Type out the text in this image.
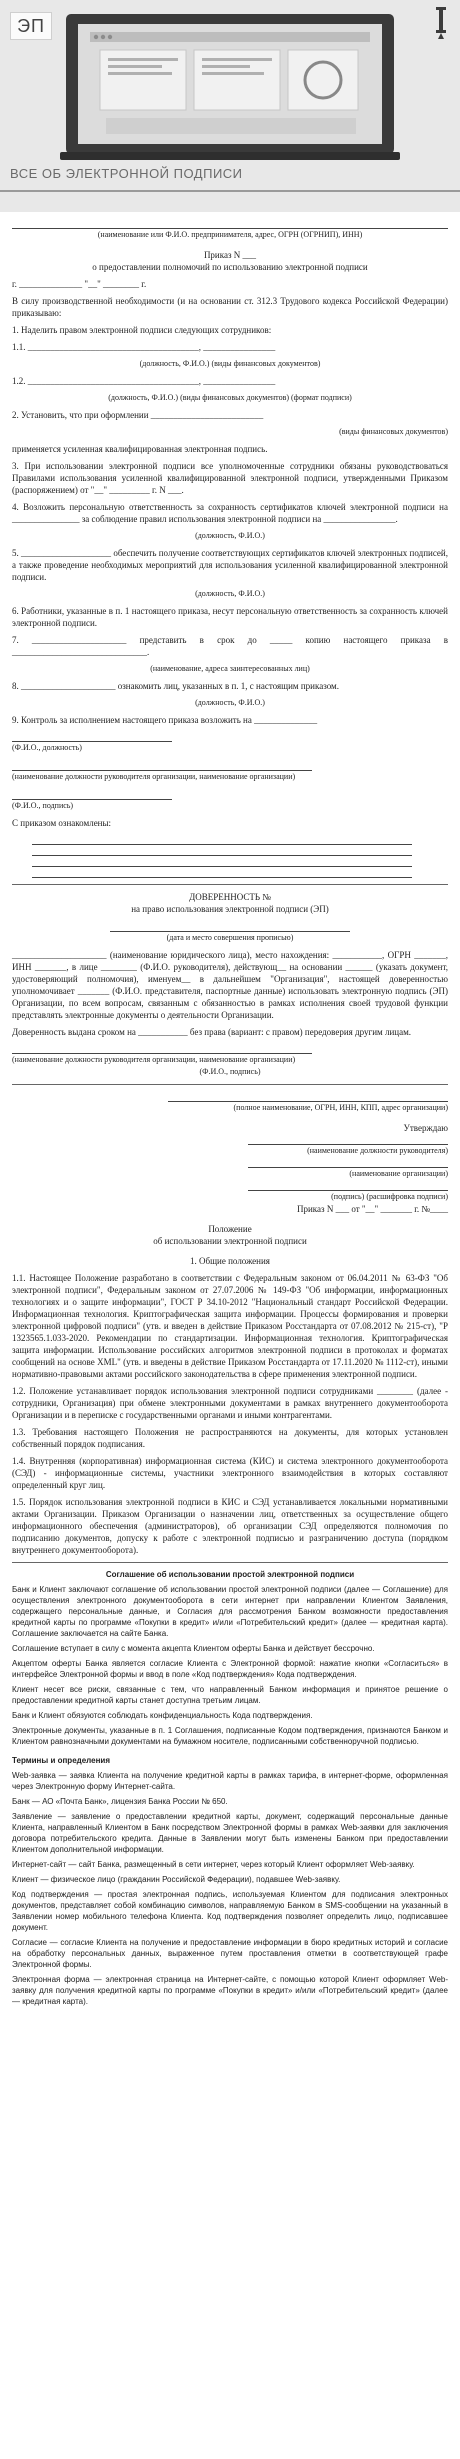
ЭП
ВСЕ ОБ ЭЛЕКТРОННОЙ ПОДПИСИ
(наименование или Ф.И.О. предпринимателя, адрес, ОГРН (ОГРНИП), ИНН)
Приказ N ___
о предоставлении полномочий по использованию электронной подписи
г. ______________ "__" ________ г.
В силу производственной необходимости (и на основании ст. 312.3 Трудового кодекса Российской Федерации) приказываю:
1. Наделить правом электронной подписи следующих сотрудников:
1.1. ______________________________________, ________________
(должность, Ф.И.О.) (виды финансовых документов)
1.2. ______________________________________, ________________
(должность, Ф.И.О.) (виды финансовых документов) (формат подписи)
2. Установить, что при оформлении _________________________
(виды финансовых документов)
применяется усиленная квалифицированная электронная подпись.
3. При использовании электронной подписи все уполномоченные сотрудники обязаны руководствоваться Правилами использования усиленной квалифицированной электронной подписи, утвержденными Приказом (распоряжением) от "__" _________ г. N ___.
4. Возложить персональную ответственность за сохранность сертификатов ключей электронной подписи на _______________ за соблюдение правил использования электронной подписи на ________________.
(должность, Ф.И.О.)
5. ____________________ обеспечить получение соответствующих сертификатов ключей электронных подписей, а также проведение необходимых мероприятий для использования усиленной квалифицированной электронной подписи.
(должность, Ф.И.О.)
6. Работники, указанные в п. 1 настоящего приказа, несут персональную ответственность за сохранность ключей электронной подписи.
7. _____________________ представить в срок до _____ копию настоящего приказа в ______________________________.
(наименование, адреса заинтересованных лиц)
8. _____________________ ознакомить лиц, указанных в п. 1, с настоящим приказом.
(должность, Ф.И.О.)
9. Контроль за исполнением настоящего приказа возложить на ______________
(Ф.И.О., должность)
(наименование должности руководителя организации, наименование организации)
(Ф.И.О., подпись)
С приказом ознакомлены:
ДОВЕРЕННОСТЬ №
на право использования электронной подписи (ЭП)
(дата и место совершения прописью)
_____________________ (наименование юридического лица), место нахождения: ___________, ОГРН _______, ИНН _______, в лице ________ (Ф.И.О. руководителя), действующ__ на основании ______ (указать документ, удостоверяющий полномочия), именуем__ в дальнейшем "Организация", настоящей доверенностью уполномочивает _______ (Ф.И.О. представителя, паспортные данные) использовать электронную подпись (ЭП) Организации, по всем вопросам, связанным с обязанностью в рамках исполнения своей трудовой функции представлять электронные документы о деятельности Организации.
Доверенность выдана сроком на ___________ без права (вариант: с правом) передоверия другим лицам.
(наименование должности руководителя организации, наименование организации)
(Ф.И.О., подпись)
(полное наименование, ОГРН, ИНН, КПП, адрес организации)
Утверждаю
(наименование должности руководителя)
(наименование организации)
(подпись) (расшифровка подписи)
Приказ N ___ от "__" _______ г. №____
Положение
об использовании электронной подписи
1. Общие положения
1.1. Настоящее Положение разработано в соответствии с Федеральным законом от 06.04.2011 № 63-ФЗ "Об электронной подписи", Федеральным законом от 27.07.2006 № 149-ФЗ "Об информации, информационных технологиях и о защите информации", ГОСТ Р 34.10-2012 "Национальный стандарт Российской Федерации. Информационная технология. Криптографическая защита информации. Процессы формирования и проверки электронной цифровой подписи" (утв. и введен в действие Приказом Росстандарта от 07.08.2012 № 215-ст), "Р 1323565.1.033-2020. Рекомендации по стандартизации. Информационная технология. Криптографическая защита информации. Использование российских алгоритмов электронной подписи в протоколах и форматах сообщений на основе XML" (утв. и введены в действие Приказом Росстандарта от 17.11.2020 № 1112-ст), иными нормативно-правовыми актами российского законодательства в сфере применения электронной подписи.
1.2. Положение устанавливает порядок использования электронной подписи сотрудниками ________ (далее - сотрудники, Организация) при обмене электронными документами в рамках внутреннего документооборота Организации и в переписке с государственными органами и иными контрагентами.
1.3. Требования настоящего Положения не распространяются на документы, для которых установлен собственный порядок подписания.
1.4. Внутренняя (корпоративная) информационная система (КИС) и система электронного документооборота (СЭД) - информационные системы, участники электронного взаимодействия в которых составляют определенный круг лиц.
1.5. Порядок использования электронной подписи в КИС и СЭД устанавливается локальными нормативными актами Организации. Приказом Организации о назначении лиц, ответственных за осуществление общего информационного обеспечения (администраторов), об организации СЭД определяются полномочия по подписанию документов, допуску к работе с электронной подписью и разграничению доступа (порядком внутреннего документооборота).
Соглашение об использовании простой электронной подписи
Банк и Клиент заключают соглашение об использовании простой электронной подписи (далее — Соглашение) для осуществления электронного документооборота в сети интернет при направлении Клиентом Заявления, содержащего персональные данные, и Согласия для рассмотрения Банком возможности предоставления кредитной карты по программе «Покупки в кредит» и/или «Потребительский кредит» (далее — кредитная карта). Соглашение заключается на сайте Банка.
Соглашение вступает в силу с момента акцепта Клиентом оферты Банка и действует бессрочно.
Акцептом оферты Банка является согласие Клиента с Электронной формой: нажатие кнопки «Согласиться» в интерфейсе Электронной формы и ввод в поле «Код подтверждения» Кода подтверждения.
Клиент несет все риски, связанные с тем, что направленный Банком информация и принятое решение о предоставлении кредитной карты станет доступна третьим лицам.
Банк и Клиент обязуются соблюдать конфиденциальность Кода подтверждения.
Электронные документы, указанные в п. 1 Соглашения, подписанные Кодом подтверждения, признаются Банком и Клиентом равнозначными документами на бумажном носителе, подписанными собственноручной подписью.
Термины и определения
Web-заявка — заявка Клиента на получение кредитной карты в рамках тарифа, в интернет-форме, оформленная через Электронную форму Интернет-сайта.
Банк — АО «Почта Банк», лицензия Банка России № 650.
Заявление — заявление о предоставлении кредитной карты, документ, содержащий персональные данные Клиента, направленный Клиентом в Банк посредством Электронной формы в рамках Web-заявки для заключения договора потребительского кредита. Данные в Заявлении могут быть изменены Банком при предоставлении Клиентом дополнительной информации.
Интернет-сайт — сайт Банка, размещенный в сети интернет, через который Клиент оформляет Web-заявку.
Клиент — физическое лицо (гражданин Российской Федерации), подавшее Web-заявку.
Код подтверждения — простая электронная подпись, используемая Клиентом для подписания электронных документов, представляет собой комбинацию символов, направляемую Банком в SMS-сообщении на указанный в Заявлении номер мобильного телефона Клиента. Код подтверждения позволяет определить лицо, подписавшее документ.
Согласие — согласие Клиента на получение и предоставление информации в бюро кредитных историй и согласие на обработку персональных данных, выраженное путем проставления отметки в соответствующей графе Электронной формы.
Электронная форма — электронная страница на Интернет-сайте, с помощью которой Клиент оформляет Web-заявку для получения кредитной карты по программе «Покупки в кредит» и/или «Потребительский кредит» (далее — кредитная карта).
